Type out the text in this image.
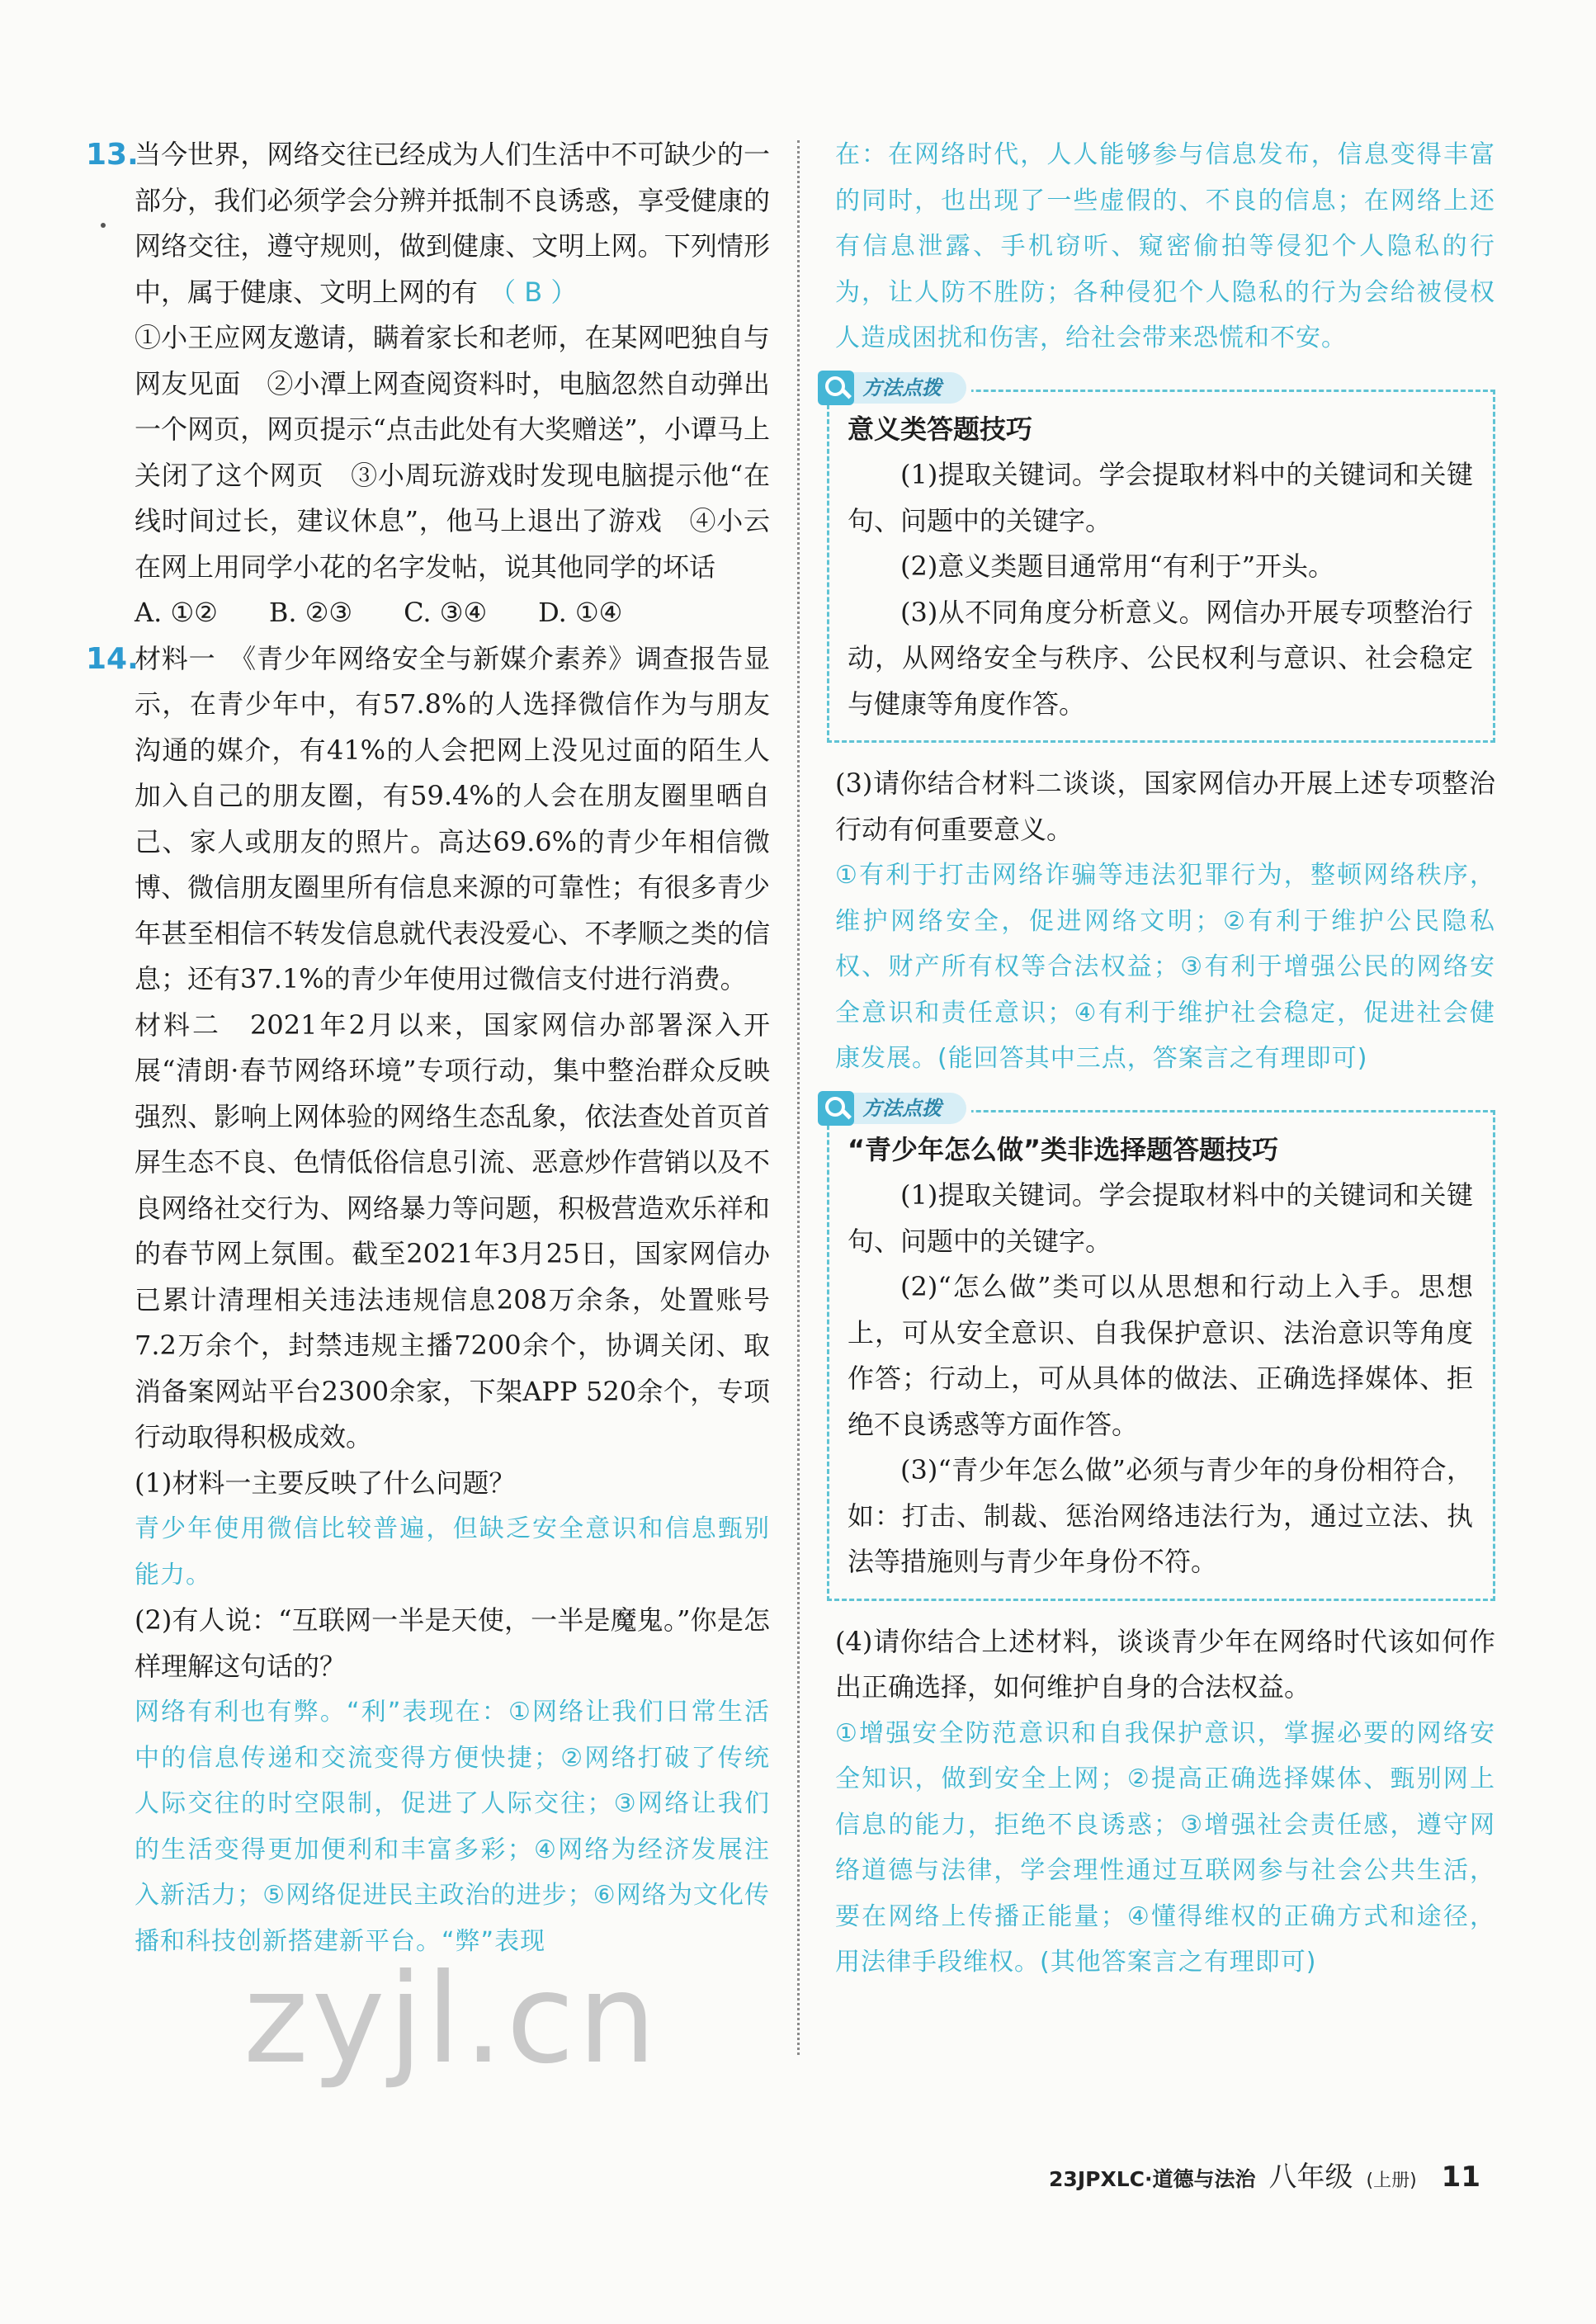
13.

当今世界，网络交往已经成为人们生活中不可缺少的一部分，我们必须学会分辨并抵制不良诱惑，享受健康的网络交往，遵守规则，做到健康、文明上网。下列情形中，属于健康、文明上网的有 （ B ）

①小王应网友邀请，瞒着家长和老师，在某网吧独自与网友见面　②小潭上网查阅资料时，电脑忽然自动弹出一个网页，网页提示“点击此处有大奖赠送”，小谭马上关闭了这个网页　③小周玩游戏时发现电脑提示他“在线时间过长，建议休息”，他马上退出了游戏　④小云在网上用同学小花的名字发帖，说其他同学的坏话

A. ①② B. ②③ C. ③④ D. ①④
14.

材料一　《青少年网络安全与新媒介素养》调查报告显示，在青少年中，有57.8%的人选择微信作为与朋友沟通的媒介，有41%的人会把网上没见过面的陌生人加入自己的朋友圈，有59.4%的人会在朋友圈里晒自己、家人或朋友的照片。高达69.6%的青少年相信微博、微信朋友圈里所有信息来源的可靠性；有很多青少年甚至相信不转发信息就代表没爱心、不孝顺之类的信息；还有37.1%的青少年使用过微信支付进行消费。

材料二　2021年2月以来，国家网信办部署深入开展“清朗·春节网络环境”专项行动，集中整治群众反映强烈、影响上网体验的网络生态乱象，依法查处首页首屏生态不良、色情低俗信息引流、恶意炒作营销以及不良网络社交行为、网络暴力等问题，积极营造欢乐祥和的春节网上氛围。截至2021年3月25日，国家网信办已累计清理相关违法违规信息208万余条，处置账号7.2万余个，封禁违规主播7200余个，协调关闭、取消备案网站平台2300余家，下架APP 520余个，专项行动取得积极成效。

(1)材料一主要反映了什么问题？

青少年使用微信比较普遍，但缺乏安全意识和信息甄别能力。

(2)有人说：“互联网一半是天使，一半是魔鬼。”你是怎样理解这句话的？

网络有利也有弊。“利”表现在：①网络让我们日常生活中的信息传递和交流变得方便快捷；②网络打破了传统人际交往的时空限制，促进了人际交往；③网络让我们的生活变得更加便利和丰富多彩；④网络为经济发展注入新活力；⑤网络促进民主政治的进步；⑥网络为文化传播和科技创新搭建新平台。“弊”表现

在：在网络时代，人人能够参与信息发布，信息变得丰富的同时，也出现了一些虚假的、不良的信息；在网络上还有信息泄露、手机窃听、窥密偷拍等侵犯个人隐私的行为，让人防不胜防；各种侵犯个人隐私的行为会给被侵权人造成困扰和伤害，给社会带来恐慌和不安。

方法点拨

意义类答题技巧

(1)提取关键词。学会提取材料中的关键词和关键句、问题中的关键字。

(2)意义类题目通常用“有利于”开头。

(3)从不同角度分析意义。网信办开展专项整治行动，从网络安全与秩序、公民权利与意识、社会稳定与健康等角度作答。

(3)请你结合材料二谈谈，国家网信办开展上述专项整治行动有何重要意义。

①有利于打击网络诈骗等违法犯罪行为，整顿网络秩序，维护网络安全，促进网络文明；②有利于维护公民隐私权、财产所有权等合法权益；③有利于增强公民的网络安全意识和责任意识；④有利于维护社会稳定，促进社会健康发展。(能回答其中三点，答案言之有理即可)

方法点拨

“青少年怎么做”类非选择题答题技巧

(1)提取关键词。学会提取材料中的关键词和关键句、问题中的关键字。

(2)“怎么做”类可以从思想和行动上入手。思想上，可从安全意识、自我保护意识、法治意识等角度作答；行动上，可从具体的做法、正确选择媒体、拒绝不良诱惑等方面作答。

(3)“青少年怎么做”必须与青少年的身份相符合，如：打击、制裁、惩治网络违法行为，通过立法、执法等措施则与青少年身份不符。

(4)请你结合上述材料，谈谈青少年在网络时代该如何作出正确选择，如何维护自身的合法权益。

①增强安全防范意识和自我保护意识，掌握必要的网络安全知识，做到安全上网；②提高正确选择媒体、甄别网上信息的能力，拒绝不良诱惑；③增强社会责任感，遵守网络道德与法律，学会理性通过互联网参与社会公共生活，要在网络上传播正能量；④懂得维权的正确方式和途径，用法律手段维权。(其他答案言之有理即可)

zyjl.cn
23JPXLC·道德与法治 八年级 (上册) 11
